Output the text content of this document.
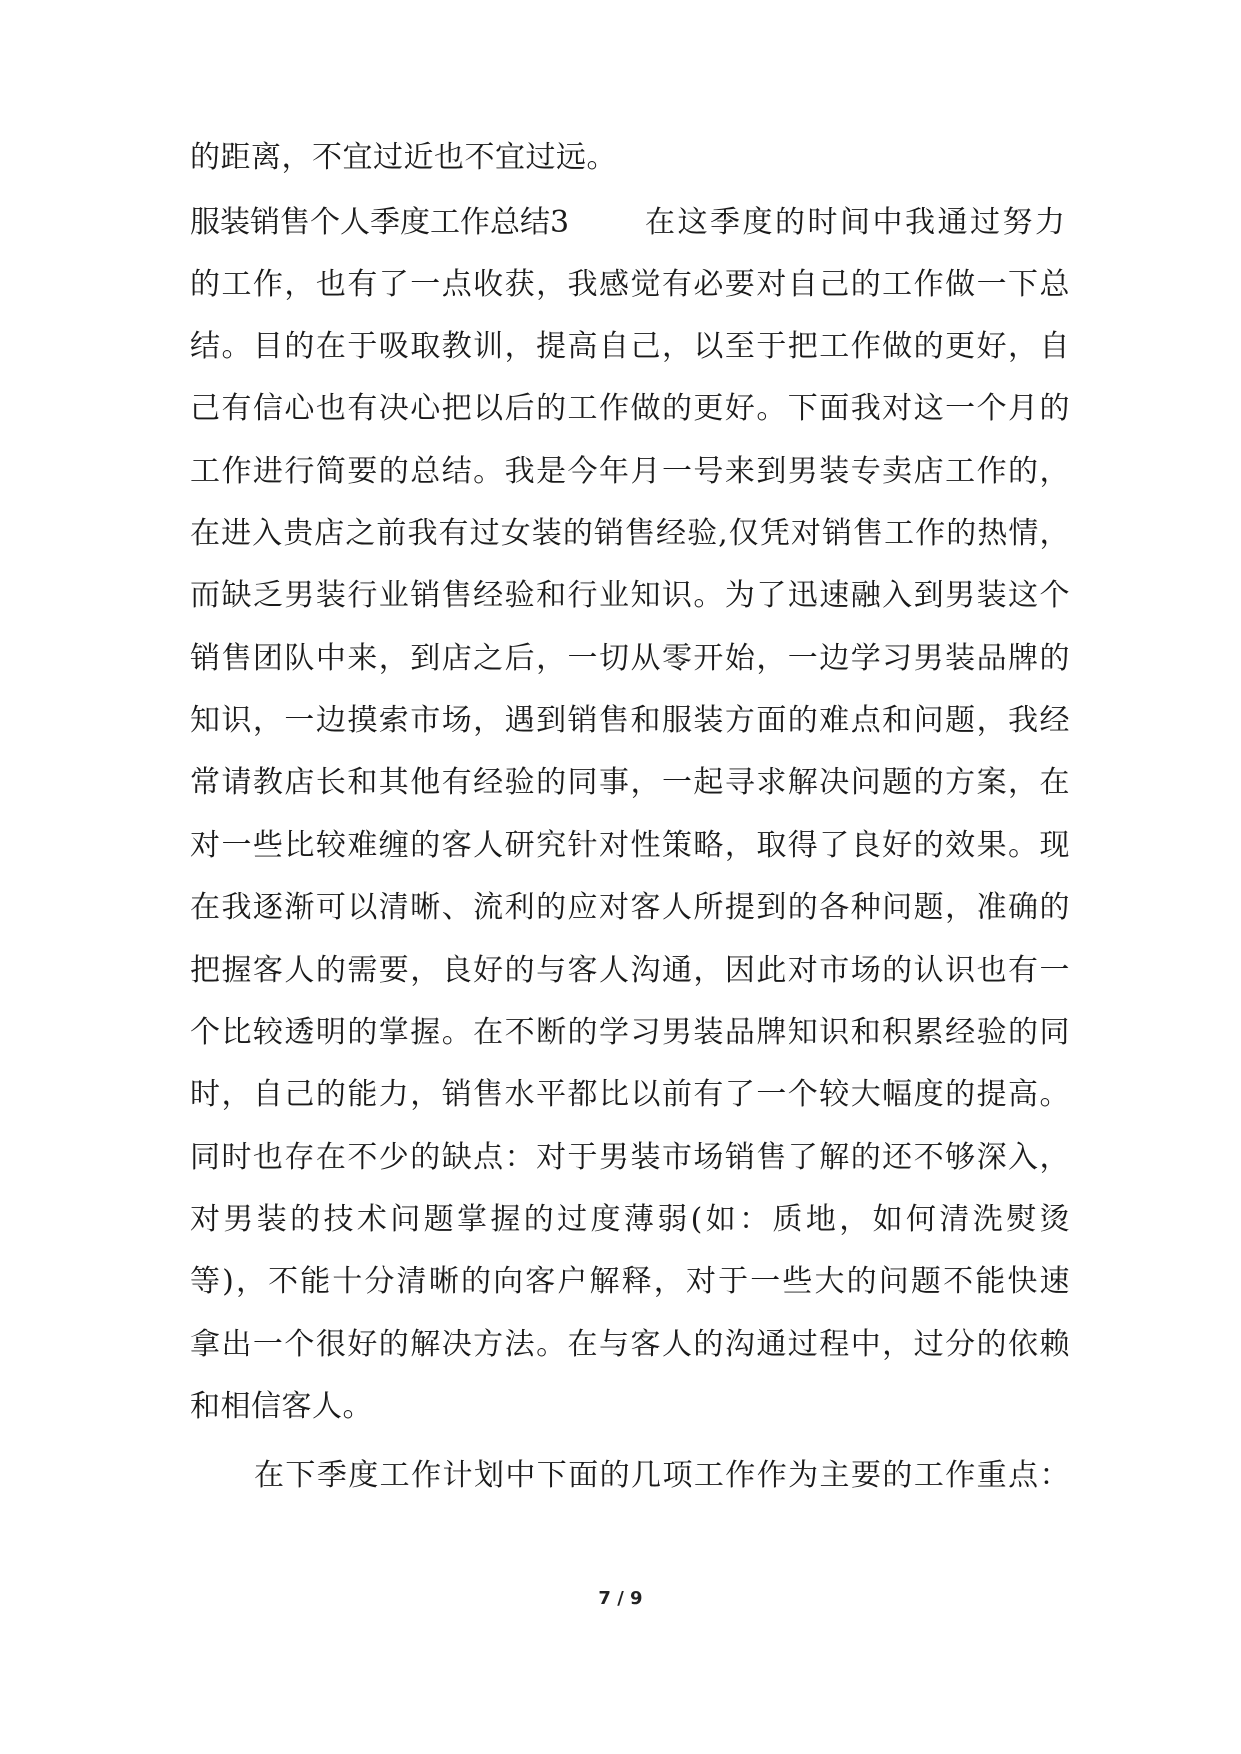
的距离，不宜过近也不宜过远。
服装销售个人季度工作总结3	在这季度的时间中我通过努力
的工作，也有了一点收获，我感觉有必要对自己的工作做一下总
结。目的在于吸取教训，提高自己，以至于把工作做的更好，自
己有信心也有决心把以后的工作做的更好。下面我对这一个月的
工作进行简要的总结。我是今年月一号来到男装专卖店工作的，
在进入贵店之前我有过女装的销售经验,仅凭对销售工作的热情，
而缺乏男装行业销售经验和行业知识。为了迅速融入到男装这个
销售团队中来，到店之后，一切从零开始，一边学习男装品牌的
知识，一边摸索市场，遇到销售和服装方面的难点和问题，我经
常请教店长和其他有经验的同事，一起寻求解决问题的方案，在
对一些比较难缠的客人研究针对性策略，取得了良好的效果。现
在我逐渐可以清晰、流利的应对客人所提到的各种问题，准确的
把握客人的需要，良好的与客人沟通，因此对市场的认识也有一
个比较透明的掌握。在不断的学习男装品牌知识和积累经验的同
时，自己的能力，销售水平都比以前有了一个较大幅度的提高。
同时也存在不少的缺点：对于男装市场销售了解的还不够深入，
对男装的技术问题掌握的过度薄弱(如：质地，如何清洗熨烫
等)，不能十分清晰的向客户解释，对于一些大的问题不能快速
拿出一个很好的解决方法。在与客人的沟通过程中，过分的依赖
和相信客人。
在下季度工作计划中下面的几项工作作为主要的工作重点：
7 / 9
